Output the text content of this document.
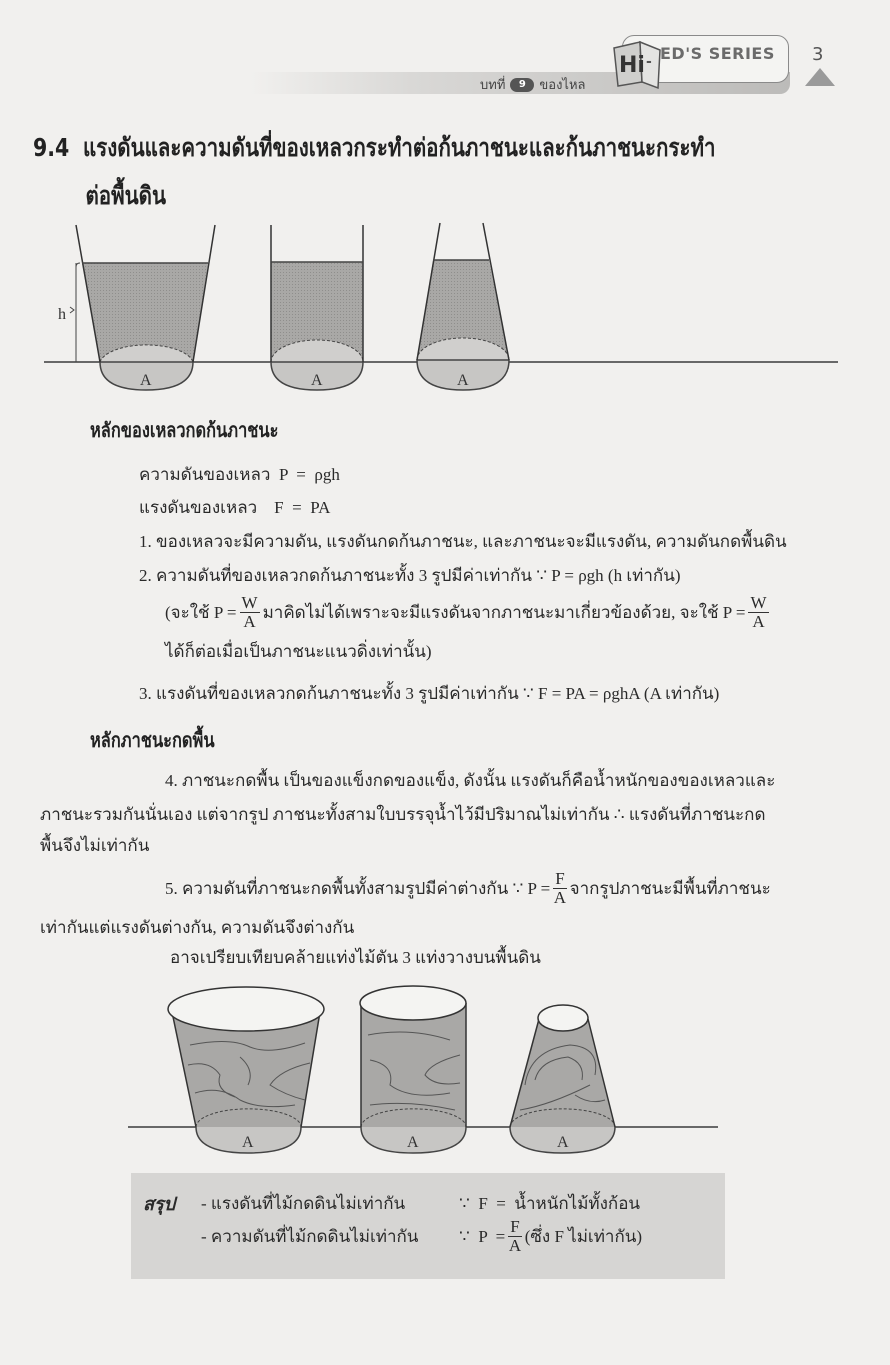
บทที่	9	ของไหล
Hi - ED'S SERIES 3
9.4 แรงดันและความดันที่ของเหลวกระทำต่อก้นภาชนะและก้นภาชนะกระทำ
ต่อพื้นดิน
h
A	A	A
หลักของเหลวกดก้นภาชนะ
ความดันของเหลว P  =  ρgh
แรงดันของเหลว F  =  PA
1. ของเหลวจะมีความดัน, แรงดันกดก้นภาชนะ, และภาชนะจะมีแรงดัน, ความดันกดพื้นดิน
2. ความดันที่ของเหลวกดก้นภาชนะทั้ง 3 รูปมีค่าเท่ากัน ∵ P = ρgh (h เท่ากัน)
(จะใช้ $P = \frac{W}{A}$ มาคิดไม่ได้เพราะจะมีแรงดันจากภาชนะมาเกี่ยวข้องด้วย, จะใช้ $P = \frac{W}{A}$
ได้ก็ต่อเมื่อเป็นภาชนะแนวดิ่งเท่านั้น)
3. แรงดันที่ของเหลวกดก้นภาชนะทั้ง 3 รูปมีค่าเท่ากัน ∵ F = PA = ρghA (A เท่ากัน)
หลักภาชนะกดพื้น
4. ภาชนะกดพื้น เป็นของแข็งกดของแข็ง, ดังนั้น แรงดันก็คือน้ำหนักของของเหลวและ
ภาชนะรวมกันนั่นเอง แต่จากรูป ภาชนะทั้งสามใบบรรจุน้ำไว้มีปริมาณไม่เท่ากัน ∴ แรงดันที่ภาชนะกด
พื้นจึงไม่เท่ากัน
5. ความดันที่ภาชนะกดพื้นทั้งสามรูปมีค่าต่างกัน ∵ $P = \frac{F}{A}$ จากรูปภาชนะมีพื้นที่ภาชนะ
เท่ากันแต่แรงดันต่างกัน, ความดันจึงต่างกัน
อาจเปรียบเทียบคล้ายแท่งไม้ตัน 3 แท่งวางบนพื้นดิน
A	A	A
สรุป	- แรงดันที่ไม้กดดินไม่เท่ากัน	∵  F  =  น้ำหนักไม้ทั้งก้อน
- ความดันที่ไม้กดดินไม่เท่ากัน	∵  $P = \frac{F}{A}$ (ซึ่ง F ไม่เท่ากัน)
